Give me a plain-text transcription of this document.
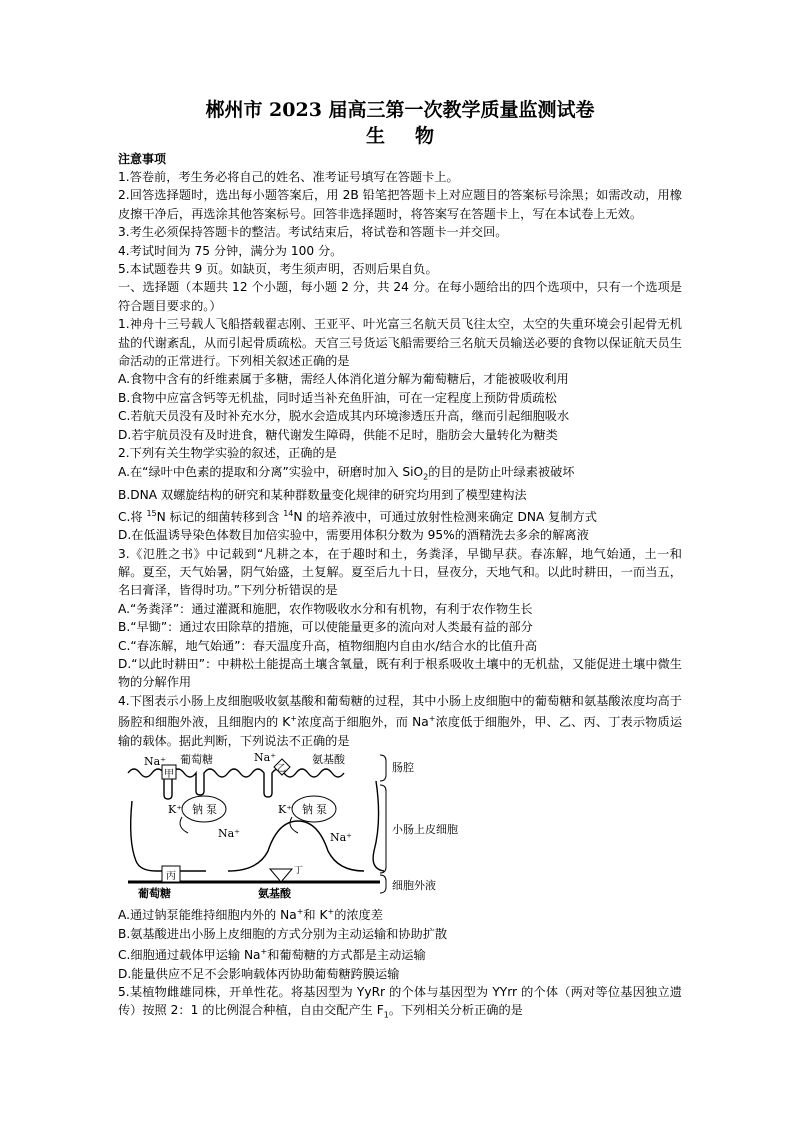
郴州市 2023 届高三第一次教学质量监测试卷
生物
注意事项

1.答卷前，考生务必将自己的姓名、准考证号填写在答题卡上。

2.回答选择题时，选出每小题答案后，用 2B 铅笔把答题卡上对应题目的答案标号涂黑；如需改动，用橡皮擦干净后，再选涂其他答案标号。回答非选择题时，将答案写在答题卡上，写在本试卷上无效。

3.考生必须保持答题卡的整洁。考试结束后，将试卷和答题卡一并交回。

4.考试时间为 75 分钟，满分为 100 分。

5.本试题卷共 9 页。如缺页，考生须声明，否则后果自负。

一、选择题（本题共 12 个小题，每小题 2 分，共 24 分。在每小题给出的四个选项中，只有一个选项是符合题目要求的。）

1.神舟十三号载人飞船搭载翟志刚、王亚平、叶光富三名航天员飞往太空，太空的失重环境会引起骨无机盐的代谢紊乱，从而引起骨质疏松。天宫三号货运飞船需要给三名航天员输送必要的食物以保证航天员生命活动的正常进行。下列相关叙述正确的是

A.食物中含有的纤维素属于多糖，需经人体消化道分解为葡萄糖后，才能被吸收利用
B.食物中应富含钙等无机盐，同时适当补充鱼肝油，可在一定程度上预防骨质疏松
C.若航天员没有及时补充水分，脱水会造成其内环境渗透压升高，继而引起细胞吸水
D.若宇航员没有及时进食，糖代谢发生障碍，供能不足时，脂肪会大量转化为糖类

2.下列有关生物学实验的叙述，正确的是

A.在“绿叶中色素的提取和分离”实验中，研磨时加入 SiO$_2$的目的是防止叶绿素被破坏
B.DNA 双螺旋结构的研究和某种群数量变化规律的研究均用到了模型建构法
C.将 $^{15}$N 标记的细菌转移到含 $^{14}$N 的培养液中，可通过放射性检测来确定 DNA 复制方式
D.在低温诱导染色体数目加倍实验中，需要用体积分数为 95%的酒精洗去多余的解离液

3.《氾胜之书》中记载到“凡耕之本，在于趣时和土，务粪泽，早锄早获。春冻解，地气始通，土一和解。夏至，天气始暑，阴气始盛，土复解。夏至后九十日，昼夜分，天地气和。以此时耕田，一而当五，名曰膏泽，皆得时功。”下列分析错误的是

A.“务粪泽”：通过灌溉和施肥，农作物吸收水分和有机物，有利于农作物生长
B.“早锄”：通过农田除草的措施，可以使能量更多的流向对人类最有益的部分
C.“春冻解，地气始通”：春天温度升高，植物细胞内自由水/结合水的比值升高

D.“以此时耕田”：中耕松土能提高土壤含氧量，既有利于根系吸收土壤中的无机盐，又能促进土壤中微生物的分解作用

4.下图表示小肠上皮细胞吸收氨基酸和葡萄糖的过程，其中小肠上皮细胞中的葡萄糖和氨基酸浓度均高于肠腔和细胞外液，且细胞内的 K+浓度高于细胞外，而 Na+浓度低于细胞外，甲、乙、丙、丁表示物质运输的载体。据此判断，下列说法不正确的是

Na⁺ 葡萄糖	Na⁺	氨基酸
甲	乙
丙	丁
K⁺	K⁺
钠 泵	钠 泵
Na⁺	Na⁺
葡萄糖	氨基酸
肠腔
小肠上皮细胞
细胞外液
A.通过钠泵能维持细胞内外的 Na+和 K+的浓度差
B.氨基酸进出小肠上皮细胞的方式分别为主动运输和协助扩散
C.细胞通过载体甲运输 Na+和葡萄糖的方式都是主动运输
D.能量供应不足不会影响载体丙协助葡萄糖跨膜运输

5.某植物雌雄同株，开单性花。将基因型为 YyRr 的个体与基因型为 YYrr 的个体（两对等位基因独立遗传）按照 2：1 的比例混合种植，自由交配产生 $F_1$。下列相关分析正确的是
